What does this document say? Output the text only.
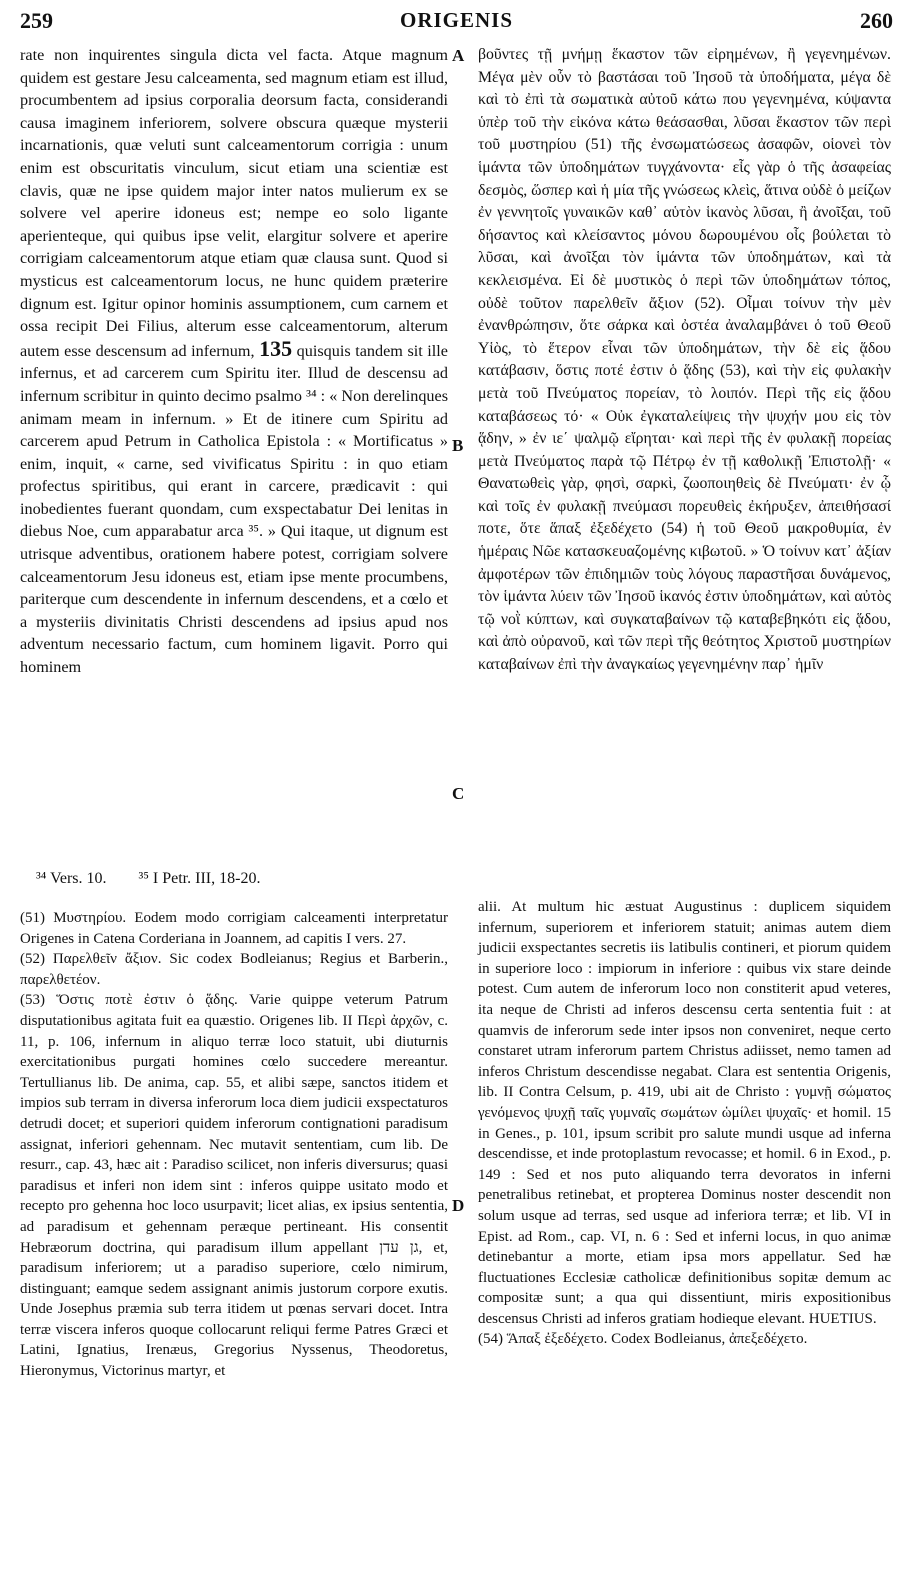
259	ORIGENIS	260

rate non inquirentes singula dicta vel facta. Atque magnum quidem est gestare Jesu calceamenta, sed magnum etiam est illud, procumbentem ad ipsius corporalia deorsum facta, considerandi causa imaginem inferiorem, solvere obscura quæque mysterii incarnationis, quæ veluti sunt calceamentorum corrigia : unum enim est obscuritatis vinculum, sicut etiam una scientiæ est clavis, quæ ne ipse quidem major inter natos mulierum ex se solvere vel aperire idoneus est; nempe eo solo ligante aperienteque, qui quibus ipse velit, elargitur solvere et aperire corrigiam calceamentorum atque etiam quæ clausa sunt. Quod si mysticus est calceamentorum locus, ne hunc quidem præterire dignum est. Igitur opinor hominis assumptionem, cum carnem et ossa recipit Dei Filius, alterum esse calceamentorum, alterum autem esse descensum ad infernum, 135 quisquis tandem sit ille infernus, et ad carcerem cum Spiritu iter. Illud de descensu ad infernum scribitur in quinto decimo psalmo ³⁴ : « Non derelinques animam meam in infernum. » Et de itinere cum Spiritu ad carcerem apud Petrum in Catholica Epistola : « Mortificatus » enim, inquit, « carne, sed vivificatus Spiritu : in quo etiam profectus spiritibus, qui erant in carcere, prædicavit : qui inobedientes fuerant quondam, cum exspectabatur Dei lenitas in diebus Noe, cum apparabatur arca ³⁵. » Qui itaque, ut dignum est utrisque adventibus, orationem habere potest, corrigiam solvere calceamentorum Jesu idoneus est, etiam ipse mente procumbens, pariterque cum descendente in infernum descendens, et a cœlo et a mysteriis divinitatis Christi descendens ad ipsius apud nos adventum necessario factum, cum hominem ligavit. Porro qui hominem

A
B
C
D

βοῦντες τῇ μνήμῃ ἕκαστον τῶν εἰρημένων, ἢ γεγενημένων. Μέγα μὲν οὖν τὸ βαστάσαι τοῦ Ἰησοῦ τὰ ὑποδήματα, μέγα δὲ καὶ τὸ ἐπὶ τὰ σωματικὰ αὐτοῦ κάτω που γεγενημένα, κύψαντα ὑπὲρ τοῦ τὴν εἰκόνα κάτω θεάσασθαι, λῦσαι ἕκαστον τῶν περὶ τοῦ μυστηρίου (51) τῆς ἐνσωματώσεως ἀσαφῶν, οἱονεὶ τὸν ἱμάντα τῶν ὑποδημάτων τυγχάνοντα· εἷς γὰρ ὁ τῆς ἀσαφείας δεσμὸς, ὥσπερ καὶ ἡ μία τῆς γνώσεως κλεὶς, ἅτινα οὐδὲ ὁ μείζων ἐν γεννητοῖς γυναικῶν καθ᾽ αὑτὸν ἱκανὸς λῦσαι, ἢ ἀνοῖξαι, τοῦ δήσαντος καὶ κλείσαντος μόνου δωρουμένου οἷς βούλεται τὸ λῦσαι, καὶ ἀνοῖξαι τὸν ἱμάντα τῶν ὑποδημάτων, καὶ τὰ κεκλεισμένα. Εἰ δὲ μυστικὸς ὁ περὶ τῶν ὑποδημάτων τόπος, οὐδὲ τοῦτον παρελθεῖν ἄξιον (52). Οἶμαι τοίνυν τὴν μὲν ἐνανθρώπησιν, ὅτε σάρκα καὶ ὀστέα ἀναλαμβάνει ὁ τοῦ Θεοῦ Υἱὸς, τὸ ἕτερον εἶναι τῶν ὑποδημάτων, τὴν δὲ εἰς ᾅδου κατάβασιν, ὅστις ποτέ ἐστιν ὁ ᾅδης (53), καὶ τὴν εἰς φυλακὴν μετὰ τοῦ Πνεύματος πορείαν, τὸ λοιπόν. Περὶ τῆς εἰς ᾅδου καταβάσεως τό· « Οὐκ ἐγκαταλείψεις τὴν ψυχήν μου εἰς τὸν ᾅδην, » ἐν ιε΄ ψαλμῷ εἴρηται· καὶ περὶ τῆς ἐν φυλακῇ πορείας μετὰ Πνεύματος παρὰ τῷ Πέτρῳ ἐν τῇ καθολικῇ Ἐπιστολῇ· « Θανατωθεὶς γὰρ, φησὶ, σαρκὶ, ζωοποιηθεὶς δὲ Πνεύματι· ἐν ᾧ καὶ τοῖς ἐν φυλακῇ πνεύμασι πορευθεὶς ἐκήρυξεν, ἀπειθήσασί ποτε, ὅτε ἅπαξ ἐξεδέχετο (54) ἡ τοῦ Θεοῦ μακροθυμία, ἐν ἡμέραις Νῶε κατασκευαζομένης κιβωτοῦ. » Ὁ τοίνυν κατ᾽ ἀξίαν ἀμφοτέρων τῶν ἐπιδημιῶν τοὺς λόγους παραστῆσαι δυνάμενος, τὸν ἱμάντα λύειν τῶν Ἰησοῦ ἱκανός ἐστιν ὑποδημάτων, καὶ αὐτὸς τῷ νοῒ κύπτων, καὶ συγκαταβαίνων τῷ καταβεβηκότι εἰς ᾅδου, καὶ ἀπὸ οὐρανοῦ, καὶ τῶν περὶ τῆς θεότητος Χριστοῦ μυστηρίων καταβαίνων ἐπὶ τὴν ἀναγκαίως γεγενημένην παρ᾽ ἡμῖν

³⁴ Vers. 10. ³⁵ I Petr. III, 18-20.

(51) Μυστηρίου. Eodem modo corrigiam calceamenti interpretatur Origenes in Catena Corderiana in Joannem, ad capitis I vers. 27.

(52) Παρελθεῖν ἄξιον. Sic codex Bodleianus; Regius et Barberin., παρελθετέον.

(53) Ὅστις ποτὲ ἐστιν ὁ ᾅδης. Varie quippe veterum Patrum disputationibus agitata fuit ea quæstio. Origenes lib. II Περὶ ἀρχῶν, c. 11, p. 106, infernum in aliquo terræ loco statuit, ubi diuturnis exercitationibus purgati homines cœlo succedere mereantur. Tertullianus lib. De anima, cap. 55, et alibi sæpe, sanctos itidem et impios sub terram in diversa inferorum loca diem judicii exspectaturos detrudi docet; et superiori quidem inferorum contignationi paradisum assignat, inferiori gehennam. Nec mutavit sententiam, cum lib. De resurr., cap. 43, hæc ait : Paradiso scilicet, non inferis diversurus; quasi paradisus et inferi non idem sint : inferos quippe usitato modo et recepto pro gehenna hoc loco usurpavit; licet alias, ex ipsius sententia, ad paradisum et gehennam peræque pertineant. His consentit Hebræorum doctrina, qui paradisum illum appellant גן עדן, et, paradisum inferiorem; ut a paradiso superiore, cœlo nimirum, distinguant; eamque sedem assignant animis justorum corpore exutis. Unde Josephus præmia sub terra itidem ut pœnas servari docet. Intra terræ viscera inferos quoque collocarunt reliqui ferme Patres Græci et Latini, Ignatius, Irenæus, Gregorius Nyssenus, Theodoretus, Hieronymus, Victorinus martyr, et

alii. At multum hic æstuat Augustinus : duplicem siquidem infernum, superiorem et inferiorem statuit; animas autem diem judicii exspectantes secretis iis latibulis contineri, et piorum quidem in superiore loco : impiorum in inferiore : quibus vix stare deinde potest. Cum autem de inferorum loco non constiterit apud veteres, ita neque de Christi ad inferos descensu certa sententia fuit : at quamvis de inferorum sede inter ipsos non conveniret, neque certo constaret utram inferorum partem Christus adiisset, nemo tamen ad inferos Christum descendisse negabat. Clara est sententia Origenis, lib. II Contra Celsum, p. 419, ubi ait de Christo : γυμνῇ σώματος γενόμενος ψυχῇ ταῖς γυμναῖς σωμάτων ὡμίλει ψυχαῖς· et homil. 15 in Genes., p. 101, ipsum scribit pro salute mundi usque ad inferna descendisse, et inde protoplastum revocasse; et homil. 6 in Exod., p. 149 : Sed et nos puto aliquando terra devoratos in inferni penetralibus retinebat, et propterea Dominus noster descendit non solum usque ad terras, sed usque ad inferiora terræ; et lib. VI in Epist. ad Rom., cap. VI, n. 6 : Sed et inferni locus, in quo animæ detinebantur a morte, etiam ipsa mors appellatur. Sed hæ fluctuationes Ecclesiæ catholicæ definitionibus sopitæ demum ac compositæ sunt; a qua qui dissentiunt, miris expositionibus descensus Christi ad inferos gratiam hodieque elevant. HUETIUS.

(54) Ἅπαξ ἐξεδέχετο. Codex Bodleianus, ἀπεξεδέχετο.
